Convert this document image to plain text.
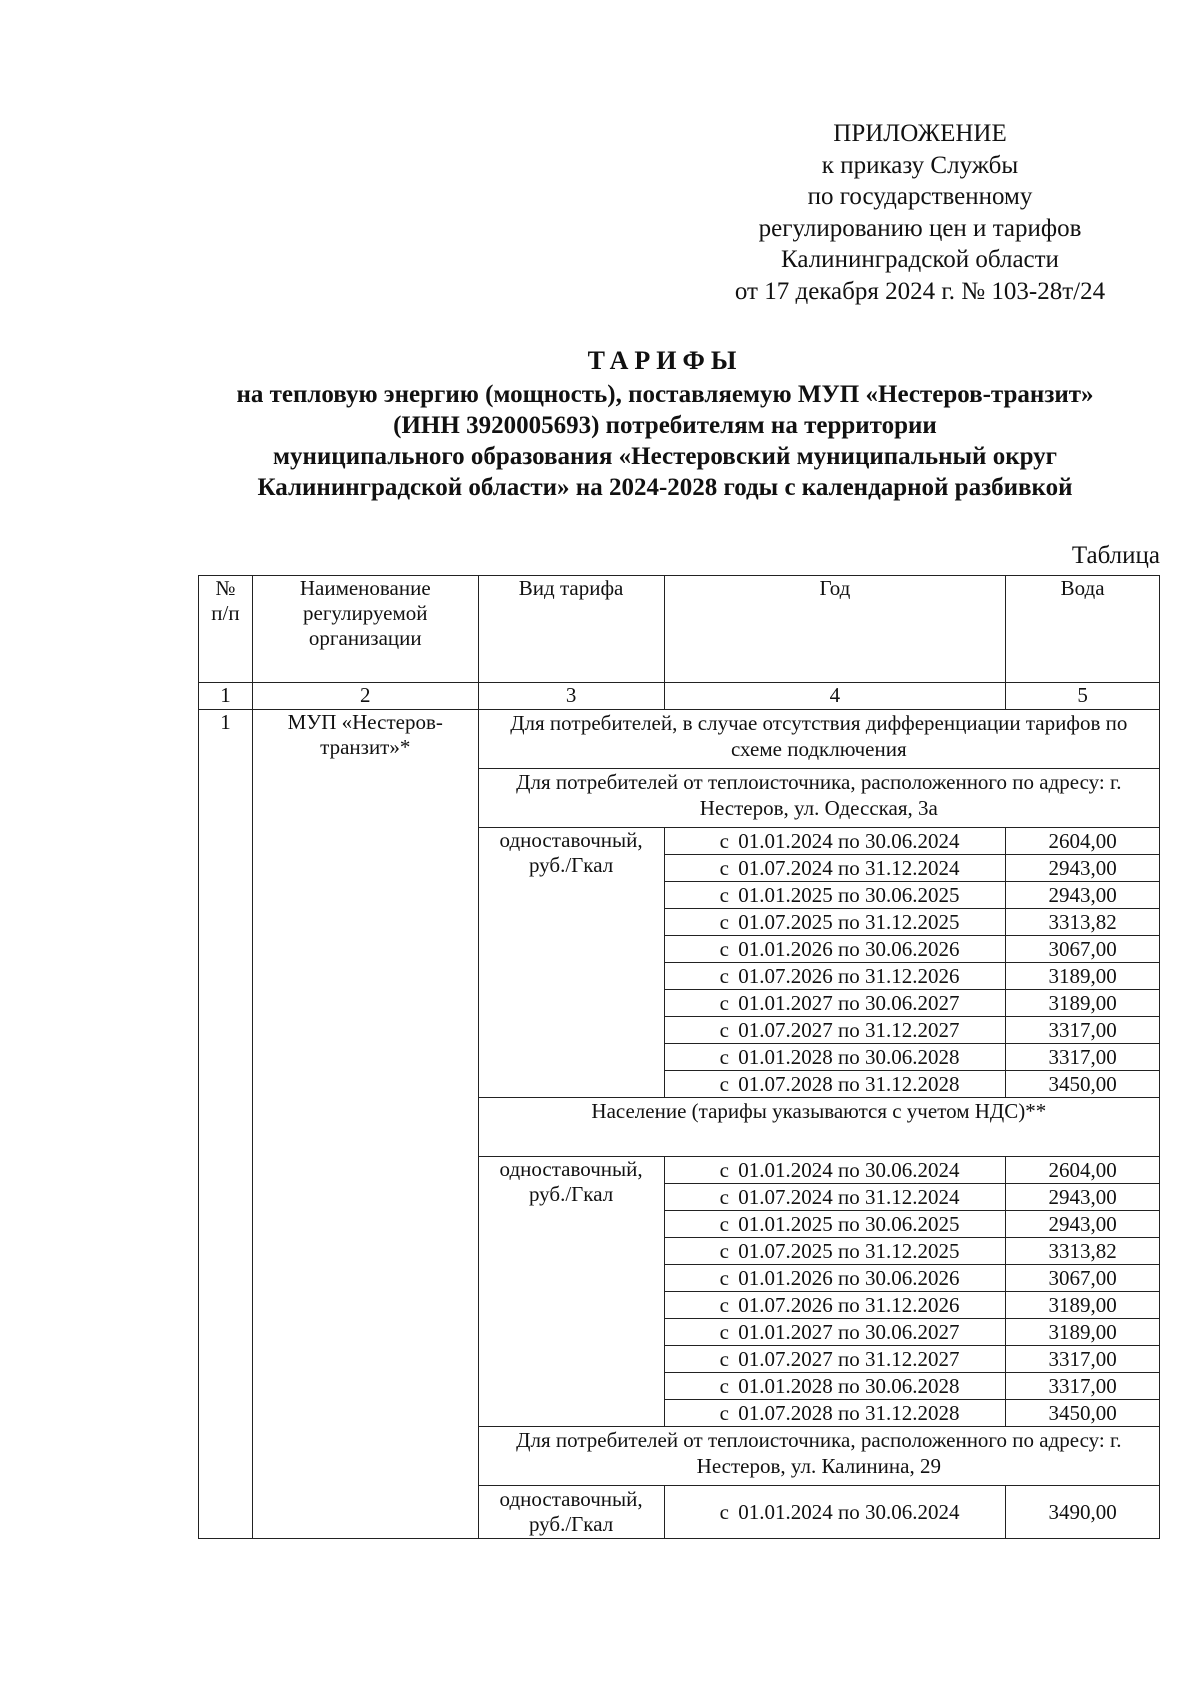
ПРИЛОЖЕНИЕ
к приказу Службы
по государственному
регулированию цен и тарифов
Калининградской области
от 17 декабря 2024 г. № 103-28т/24
ТАРИФЫ
на тепловую энергию (мощность), поставляемую МУП «Нестеров-транзит»
(ИНН 3920005693) потребителям на территории
муниципального образования «Нестеровский муниципальный округ
Калининградской области» на 2024-2028 годы с календарной разбивкой
Таблица
№ п/п	Наименование регулируемой организации	Вид тарифа	Год	Вода
1	2	3	4	5
1	МУП «Нестеров-транзит»*	Для потребителей, в случае отсутствия дифференциации тарифов по схеме подключения		
		Для потребителей от теплоисточника, расположенного по адресу: г. Нестеров, ул. Одесская, 3а		
		одноставочный, руб./Гкал	с 01.01.2024 по 30.06.2024	2604,00
			с 01.07.2024 по 31.12.2024	2943,00
			с 01.01.2025 по 30.06.2025	2943,00
			с 01.07.2025 по 31.12.2025	3313,82
			с 01.01.2026 по 30.06.2026	3067,00
			с 01.07.2026 по 31.12.2026	3189,00
			с 01.01.2027 по 30.06.2027	3189,00
			с 01.07.2027 по 31.12.2027	3317,00
			с 01.01.2028 по 30.06.2028	3317,00
			с 01.07.2028 по 31.12.2028	3450,00
		Население (тарифы указываются с учетом НДС)**		
		одноставочный, руб./Гкал	с 01.01.2024 по 30.06.2024	2604,00
			с 01.07.2024 по 31.12.2024	2943,00
			с 01.01.2025 по 30.06.2025	2943,00
			с 01.07.2025 по 31.12.2025	3313,82
			с 01.01.2026 по 30.06.2026	3067,00
			с 01.07.2026 по 31.12.2026	3189,00
			с 01.01.2027 по 30.06.2027	3189,00
			с 01.07.2027 по 31.12.2027	3317,00
			с 01.01.2028 по 30.06.2028	3317,00
			с 01.07.2028 по 31.12.2028	3450,00
		Для потребителей от теплоисточника, расположенного по адресу: г. Нестеров, ул. Калинина, 29		
		одноставочный, руб./Гкал	с 01.01.2024 по 30.06.2024	3490,00
